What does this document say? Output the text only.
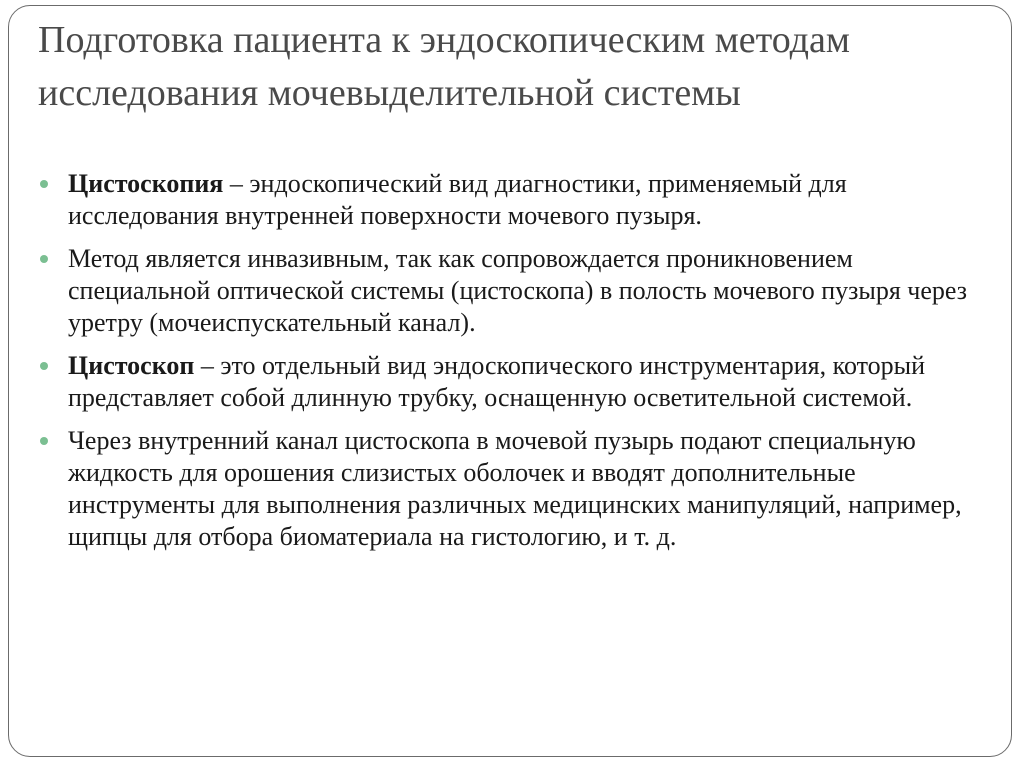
Подготовка пациента к эндоскопическим методам исследования мочевыделительной системы
Цистоскопия – эндоскопический вид диагностики, применяемый для исследования внутренней поверхности мочевого пузыря.
Метод является инвазивным, так как сопровождается проникновением специальной оптической системы (цистоскопа) в полость мочевого пузыря через уретру (мочеиспускательный канал).
Цистоскоп – это отдельный вид эндоскопического инструментария, который представляет собой длинную трубку, оснащенную осветительной системой.
Через внутренний канал цистоскопа в мочевой пузырь подают специальную жидкость для орошения слизистых оболочек и вводят дополнительные инструменты для выполнения различных медицинских манипуляций, например, щипцы для отбора биоматериала на гистологию, и т. д.
